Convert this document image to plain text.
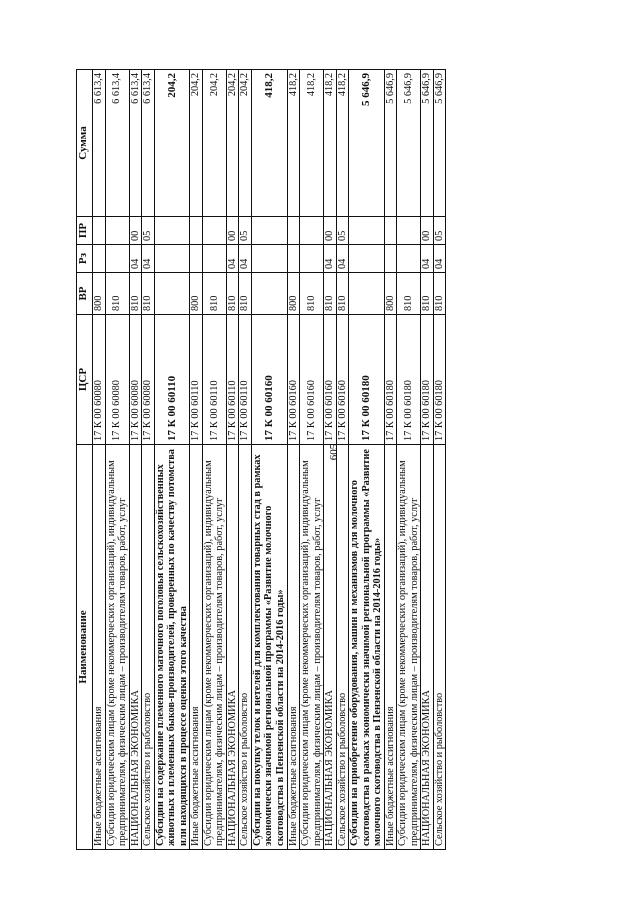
605
Наименование	ЦСР	ВР	Рз	ПР	Сумма
Иные бюджетные ассигнования	17 К 00 60080	800			6 613,4
Субсидии юридическим лицам (кроме некоммерческих организаций), индивидуальным предпринимателям, физическим лицам – производителям товаров, работ, услуг	17 К 00 60080	810			6 613,4
НАЦИОНАЛЬНАЯ ЭКОНОМИКА	17 К 00 60080	810	04	00	6 613,4
Сельское хозяйство и рыболовство	17 К 00 60080	810	04	05	6 613,4
Субсидии на содержание племенного маточного поголовья сельскохозяйственных животных и племенных быков-производителей, проверенных по качеству потомства или находящихся в процессе оценки этого качества	17 К 00 60110				204,2
Иные бюджетные ассигнования	17 К 00 60110	800			204,2
Субсидии юридическим лицам (кроме некоммерческих организаций), индивидуальным предпринимателям, физическим лицам – производителям товаров, работ, услуг	17 К 00 60110	810			204,2
НАЦИОНАЛЬНАЯ ЭКОНОМИКА	17 К 00 60110	810	04	00	204,2
Сельское хозяйство и рыболовство	17 К 00 60110	810	04	05	204,2
Субсидии на покупку телок и нетелей для комплектования товарных стад в рамках экономически значимой региональной программы «Развитие молочного скотоводства в Пензенской области на 2014-2016 годы»	17 К 00 60160				418,2
Иные бюджетные ассигнования	17 К 00 60160	800			418,2
Субсидии юридическим лицам (кроме некоммерческих организаций), индивидуальным предпринимателям, физическим лицам – производителям товаров, работ, услуг	17 К 00 60160	810			418,2
НАЦИОНАЛЬНАЯ ЭКОНОМИКА	17 К 00 60160	810	04	00	418,2
Сельское хозяйство и рыболовство	17 К 00 60160	810	04	05	418,2
Субсидии на приобретение оборудования, машин и механизмов для молочного скотоводства в рамках экономически значимой региональной программы «Развитие молочного скотоводства в Пензенской области на 2014-2016 годы»	17 К 00 60180				5 646,9
Иные бюджетные ассигнования	17 К 00 60180	800			5 646,9
Субсидии юридическим лицам (кроме некоммерческих организаций), индивидуальным предпринимателям, физическим лицам – производителям товаров, работ, услуг	17 К 00 60180	810			5 646,9
НАЦИОНАЛЬНАЯ ЭКОНОМИКА	17 К 00 60180	810	04	00	5 646,9
Сельское хозяйство и рыболовство	17 К 00 60180	810	04	05	5 646,9
